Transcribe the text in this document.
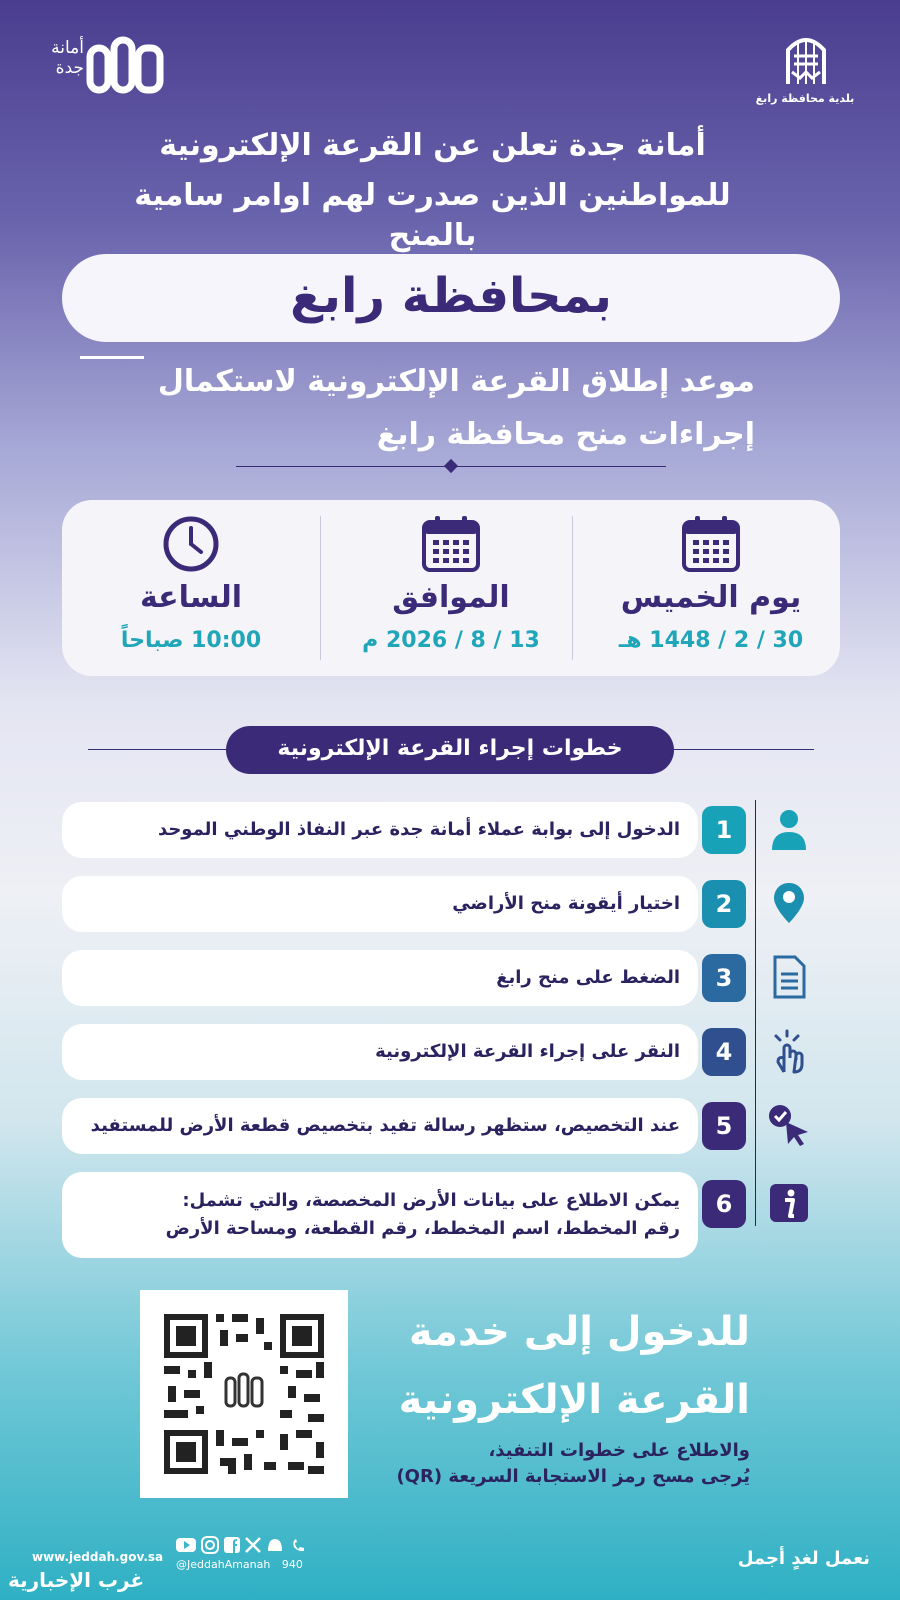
أمانة
جدة
بلدية محافظة رابغ
أمانة جدة تعلن عن القرعة الإلكترونية
للمواطنين الذين صدرت لهم اوامر سامية بالمنح
بمحافظة رابغ
موعد إطلاق القرعة الإلكترونية لاستكمال
إجراءات منح محافظة رابغ
يوم الخميس
30 / 2 / 1448 هـ
الموافق
13 / 8 / 2026 م
الساعة
10:00 صباحاً
خطوات إجراء القرعة الإلكترونية
الدخول إلى بوابة عملاء أمانة جدة عبر النفاذ الوطني الموحد	1
اختيار أيقونة منح الأراضي	2
الضغط على منح رابغ	3
النقر على إجراء القرعة الإلكترونية	4
عند التخصيص، ستظهر رسالة تفيد بتخصيص قطعة الأرض للمستفيد	5
يمكن الاطلاع على بيانات الأرض المخصصة، والتي تشمل:
رقم المخطط، اسم المخطط، رقم القطعة، ومساحة الأرض
6
للدخول إلى خدمة
القرعة الإلكترونية
والاطلاع على خطوات التنفيذ،
يُرجى مسح رمز الاستجابة السريعة (QR)
www.jeddah.gov.sa
@JeddahAmanah 940
غرب الإخبارية
نعمل لغدٍ أجمل
